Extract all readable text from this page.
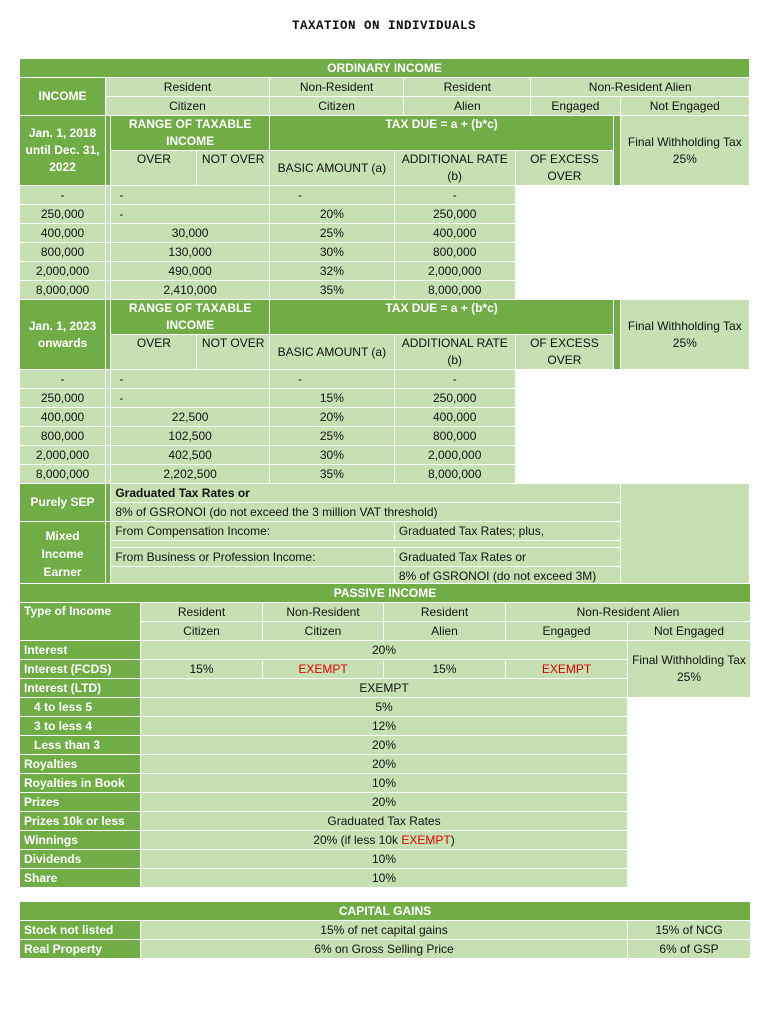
TAXATION ON INDIVIDUALS
ORDINARY INCOME										
INCOME	Resident			Non-Resident		Resident		Non-Resident Alien		
	Citizen			Citizen		Alien		Engaged		Not Engaged
Jan. 1, 2018 until Dec. 31, 2022		RANGE OF TAXABLE INCOME		TAX DUE = a + (b*c)						Final Withholding Tax 25%

		OVER	NOT OVER	BASIC AMOUNT (a)	ADDITIONAL RATE (b)		OF EXCESS OVER			

-		-		-	-					
250,000		-		20%	250,000					
400,000		30,000		25%	400,000					
800,000		130,000		30%	800,000					
2,000,000		490,000		32%	2,000,000					
8,000,000		2,410,000		35%	8,000,000					
Jan. 1, 2023 onwards		RANGE OF TAXABLE INCOME		TAX DUE = a + (b*c)						Final Withholding Tax 25%

		OVER	NOT OVER	BASIC AMOUNT (a)	ADDITIONAL RATE (b)		OF EXCESS OVER			

-		-		-	-					
250,000		-		15%	250,000					
400,000		22,500		20%	400,000					
800,000		102,500		25%	800,000					
2,000,000		402,500		30%	2,000,000					
8,000,000		2,202,500		35%	8,000,000					
Purely SEP		Graduated Tax Rates or								
		8% of GSRONOI (do not exceed the 3 million VAT threshold)								
Mixed Income Earner		From Compensation Income:			Graduated Tax Rates; plus,					

		From Business or Profession Income:			Graduated Tax Rates or					
					8% of GSRONOI (do not exceed 3M)					
PASSIVE INCOME					
Type of Income	Resident	Non-Resident	Resident	Non-Resident Alien	
	Citizen	Citizen	Alien	Engaged	Not Engaged
Interest	20%				Final Withholding Tax 25%
Interest (FCDS)	15%	EXEMPT	15%	EXEMPT	
Interest (LTD)	EXEMPT				
4 to less 5	5%				
3 to less 4	12%				
Less than 3	20%				
Royalties	20%				
Royalties in Book	10%				
Prizes	20%				
Prizes 10k or less	Graduated Tax Rates				
Winnings	20% (if less 10k EXEMPT)				
Dividends	10%				
Share	10%				
CAPITAL GAINS		
Stock not listed	15% of net capital gains	15% of NCG
Real Property	6% on Gross Selling Price	6% of GSP
